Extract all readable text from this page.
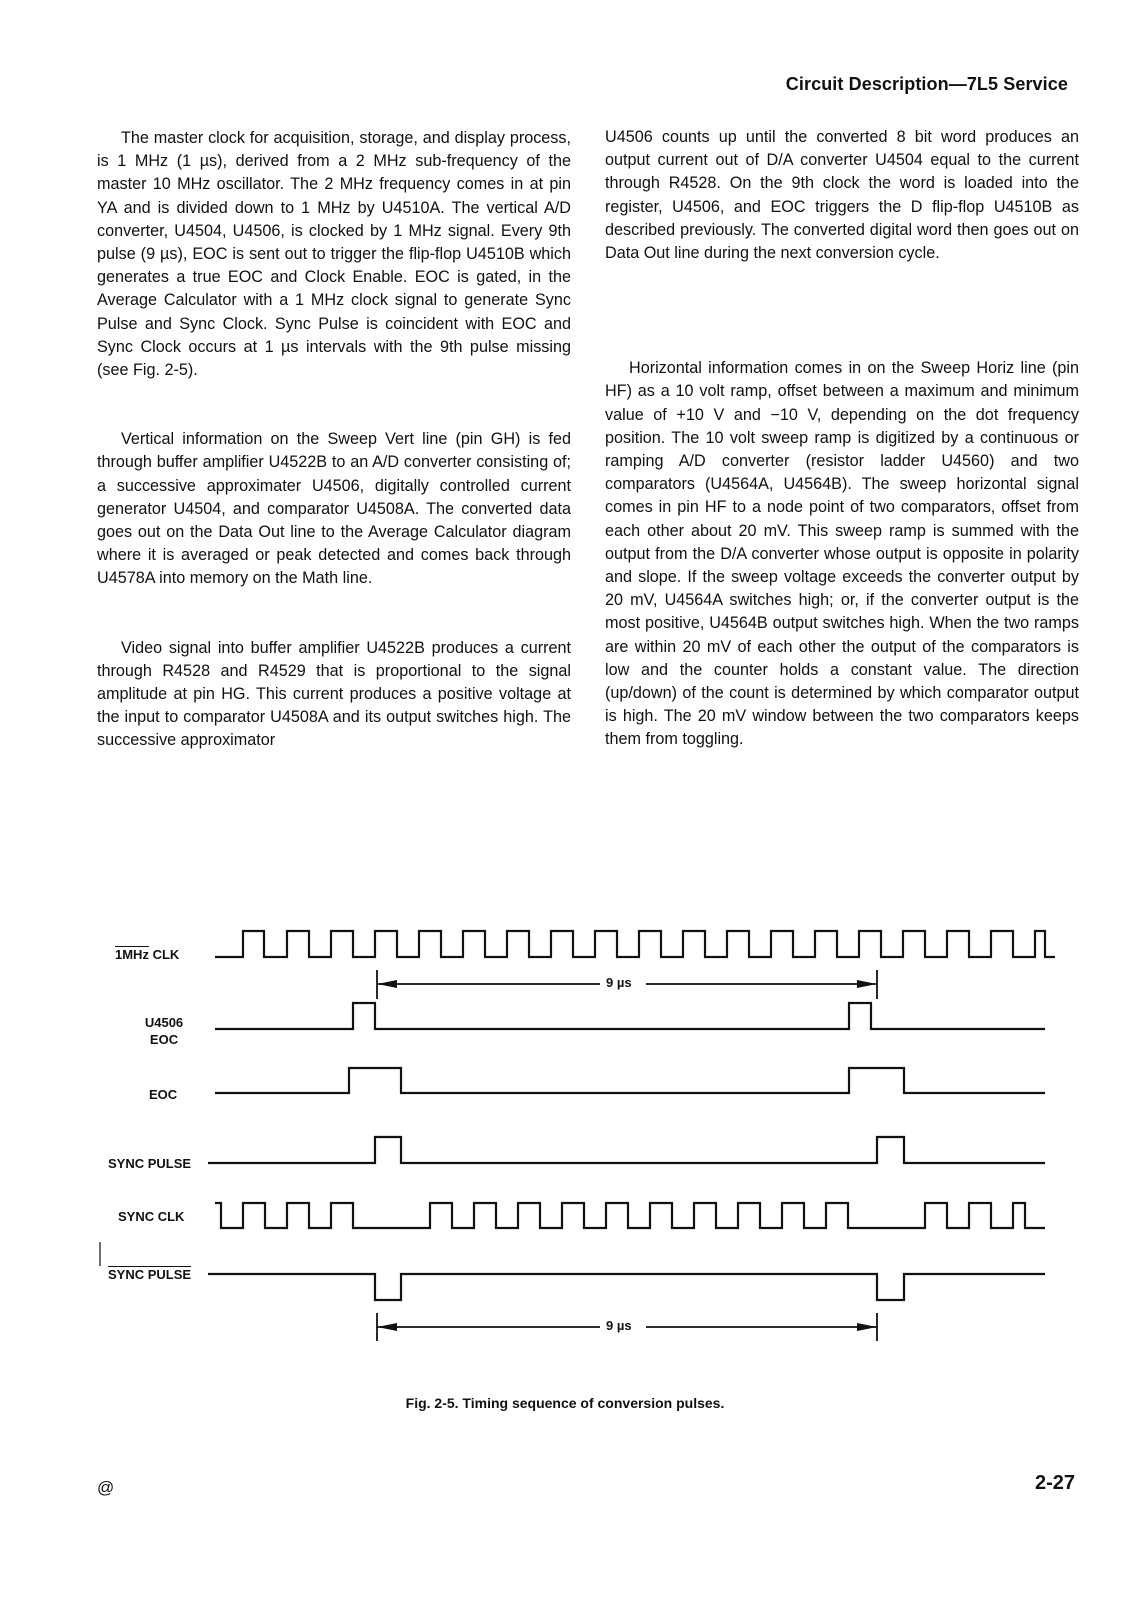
Circuit Description—7L5 Service

The master clock for acquisition, storage, and display process, is 1 MHz (1 µs), derived from a 2 MHz sub-frequency of the master 10 MHz oscillator. The 2 MHz frequency comes in at pin YA and is divided down to 1 MHz by U4510A. The vertical A/D converter, U4504, U4506, is clocked by 1 MHz signal. Every 9th pulse (9 µs), EOC is sent out to trigger the flip-flop U4510B which generates a true EOC and Clock Enable. EOC is gated, in the Average Calculator with a 1 MHz clock signal to generate Sync Pulse and Sync Clock. Sync Pulse is coincident with EOC and Sync Clock occurs at 1 µs intervals with the 9th pulse missing (see Fig. 2-5).

Vertical information on the Sweep Vert line (pin GH) is fed through buffer amplifier U4522B to an A/D converter consisting of; a successive approximater U4506, digitally controlled current generator U4504, and comparator U4508A. The converted data goes out on the Data Out line to the Average Calculator diagram where it is averaged or peak detected and comes back through U4578A into memory on the Math line.

Video signal into buffer amplifier U4522B produces a current through R4528 and R4529 that is proportional to the signal amplitude at pin HG. This current produces a positive voltage at the input to comparator U4508A and its output switches high. The successive approximator

U4506 counts up until the converted 8 bit word produces an output current out of D/A converter U4504 equal to the current through R4528. On the 9th clock the word is loaded into the register, U4506, and EOC triggers the D flip-flop U4510B as described previously. The converted digital word then goes out on Data Out line during the next conversion cycle.

Horizontal information comes in on the Sweep Horiz line (pin HF) as a 10 volt ramp, offset between a maximum and minimum value of +10 V and −10 V, depending on the dot frequency position. The 10 volt sweep ramp is digitized by a continuous or ramping A/D converter (resistor ladder U4560) and two comparators (U4564A, U4564B). The sweep horizontal signal comes in pin HF to a node point of two comparators, offset from each other about 20 mV. This sweep ramp is summed with the output from the D/A converter whose output is opposite in polarity and slope. If the sweep voltage exceeds the converter output by 20 mV, U4564A switches high; or, if the converter output is the most positive, U4564B output switches high. When the two ramps are within 20 mV of each other the output of the comparators is low and the counter holds a constant value. The direction (up/down) of the count is determined by which comparator output is high. The 20 mV window between the two comparators keeps them from toggling.

1MHz CLK
U4506
EOC
EOC
SYNC PULSE
SYNC CLK
SYNC PULSE
9 µs
9 µs
Fig. 2-5. Timing sequence of conversion pulses.
@	2-27
